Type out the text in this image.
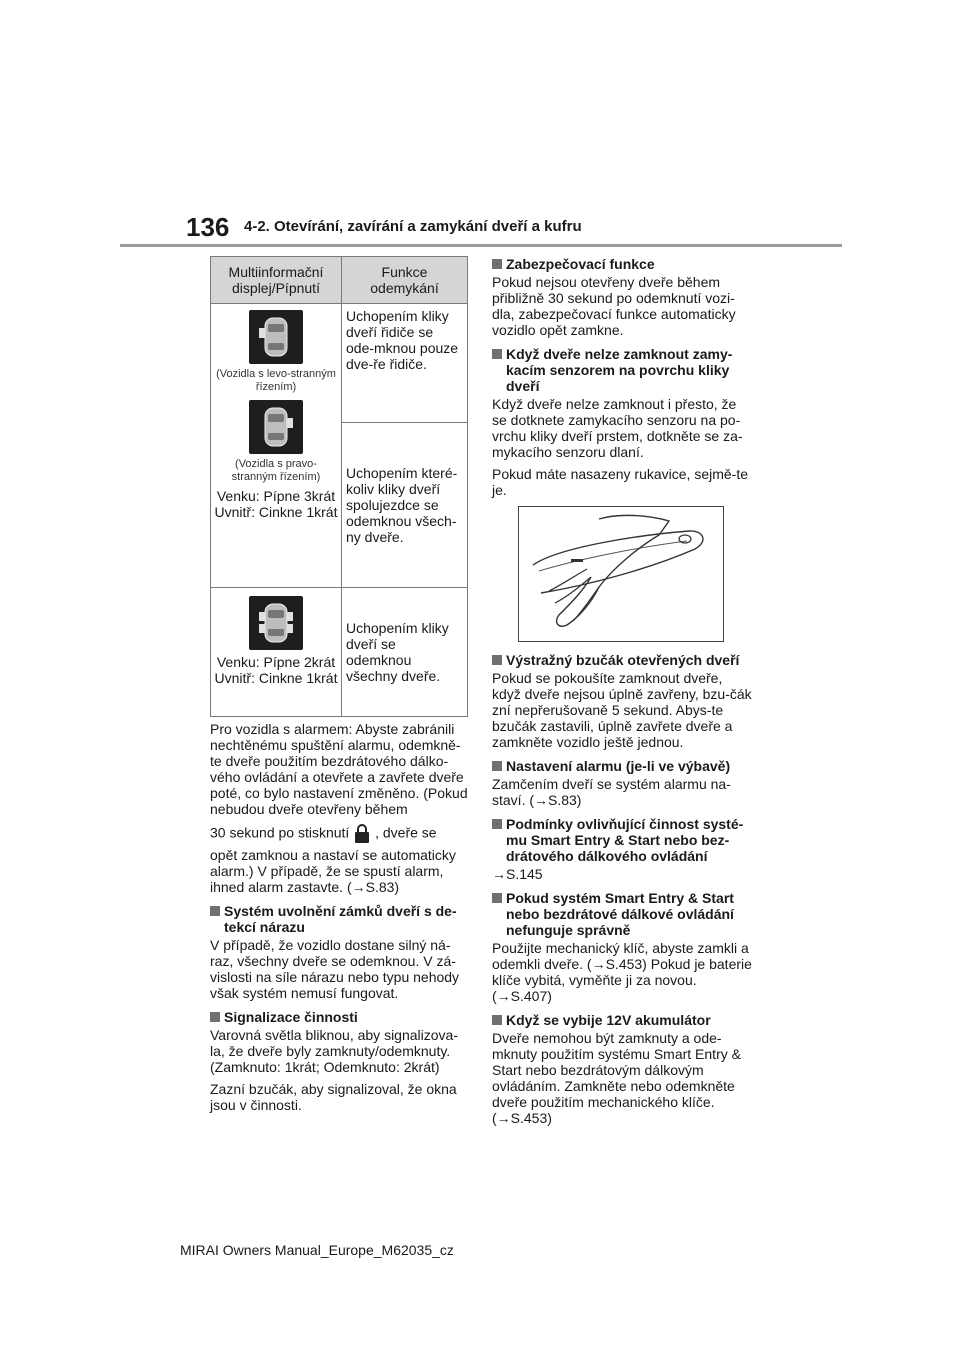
136 4-2. Otevírání, zavírání a zamykání dveří a kufru
Multiinformační displej/Pípnutí	Funkce odemykání

(Vozidla s levo-stranným řízením)
(Vozidla s pravo-stranným řízením)
Venku: Pípne 3krát Uvnitř: Cinkne 1krát	Uchopením kliky dveří řidiče se ode-mknou pouze dve-ře řidiče.
	Uchopením které-koliv kliky dveří spolujezdce se odemknou všech-ny dveře.

Venku: Pípne 2krát Uvnitř: Cinkne 1krát	Uchopením kliky dveří se odemknou všechny dveře.

Pro vozidla s alarmem: Abyste zabránili nechtěnému spuštění alarmu, odemkně-te dveře použitím bezdrátového dálko-vého ovládání a otevřete a zavřete dveře poté, co bylo nastavení změněno. (Pokud nebudou dveře otevřeny během

30 sekund po stisknutí , dveře se

opět zamknou a nastaví se automaticky alarm.) V případě, že se spustí alarm, ihned alarm zastavte. (→S.83)

Systém uvolnění zámků dveří s de-tekcí nárazu

V případě, že vozidlo dostane silný ná-raz, všechny dveře se odemknou. V zá-vislosti na síle nárazu nebo typu nehody však systém nemusí fungovat.

Signalizace činnosti

Varovná světla bliknou, aby signalizova-la, že dveře byly zamknuty/odemknuty. (Zamknuto: 1krát; Odemknuto: 2krát)

Zazní bzučák, aby signalizoval, že okna jsou v činnosti.

Zabezpečovací funkce

Pokud nejsou otevřeny dveře během přibližně 30 sekund po odemknutí vozi-dla, zabezpečovací funkce automaticky vozidlo opět zamkne.

Když dveře nelze zamknout zamy-kacím senzorem na povrchu kliky dveří

Když dveře nelze zamknout i přesto, že se dotknete zamykacího senzoru na po-vrchu kliky dveří prstem, dotkněte se za-mykacího senzoru dlaní.

Pokud máte nasazeny rukavice, sejmě-te je.

Výstražný bzučák otevřených dveří

Pokud se pokoušíte zamknout dveře, když dveře nejsou úplně zavřeny, bzu-čák zní nepřerušovaně 5 sekund. Abys-te bzučák zastavili, úplně zavřete dveře a zamkněte vozidlo ještě jednou.

Nastavení alarmu (je-li ve výbavě)

Zamčením dveří se systém alarmu na-staví. (→S.83)

Podmínky ovlivňující činnost systé-mu Smart Entry & Start nebo bez-drátového dálkového ovládání

→S.145

Pokud systém Smart Entry & Start nebo bezdrátové dálkové ovládání nefunguje správně

Použijte mechanický klíč, abyste zamkli a odemkli dveře. (→S.453) Pokud je baterie klíče vybitá, vyměňte ji za novou. (→S.407)

Když se vybije 12V akumulátor

Dveře nemohou být zamknuty a ode-mknuty použitím systému Smart Entry & Start nebo bezdrátovým dálkovým ovládáním. Zamkněte nebo odemkněte dveře použitím mechanického klíče. (→S.453)

MIRAI Owners Manual_Europe_M62035_cz
